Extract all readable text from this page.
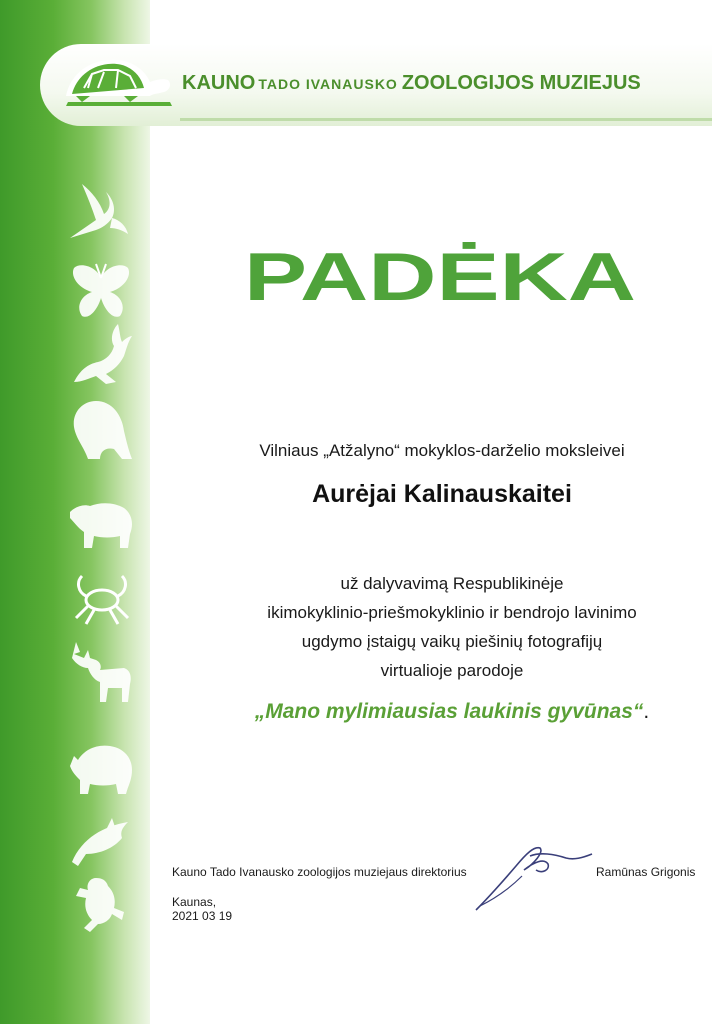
KAUNO TADO IVANAUSKO ZOOLOGIJOS MUZIEJUS
PADĖKA
Vilniaus „Atžalyno“ mokyklos-darželio moksleivei
Aurėjai Kalinauskaitei
už dalyvavimą Respublikinėje
ikimokyklinio-priešmokyklinio ir bendrojo lavinimo
ugdymo įstaigų vaikų piešinių fotografijų
virtualioje parodoje
„Mano mylimiausias laukinis gyvūnas“.
Kauno Tado Ivanausko zoologijos muziejaus direktorius	Ramūnas Grigonis
Kaunas,
2021 03 19
